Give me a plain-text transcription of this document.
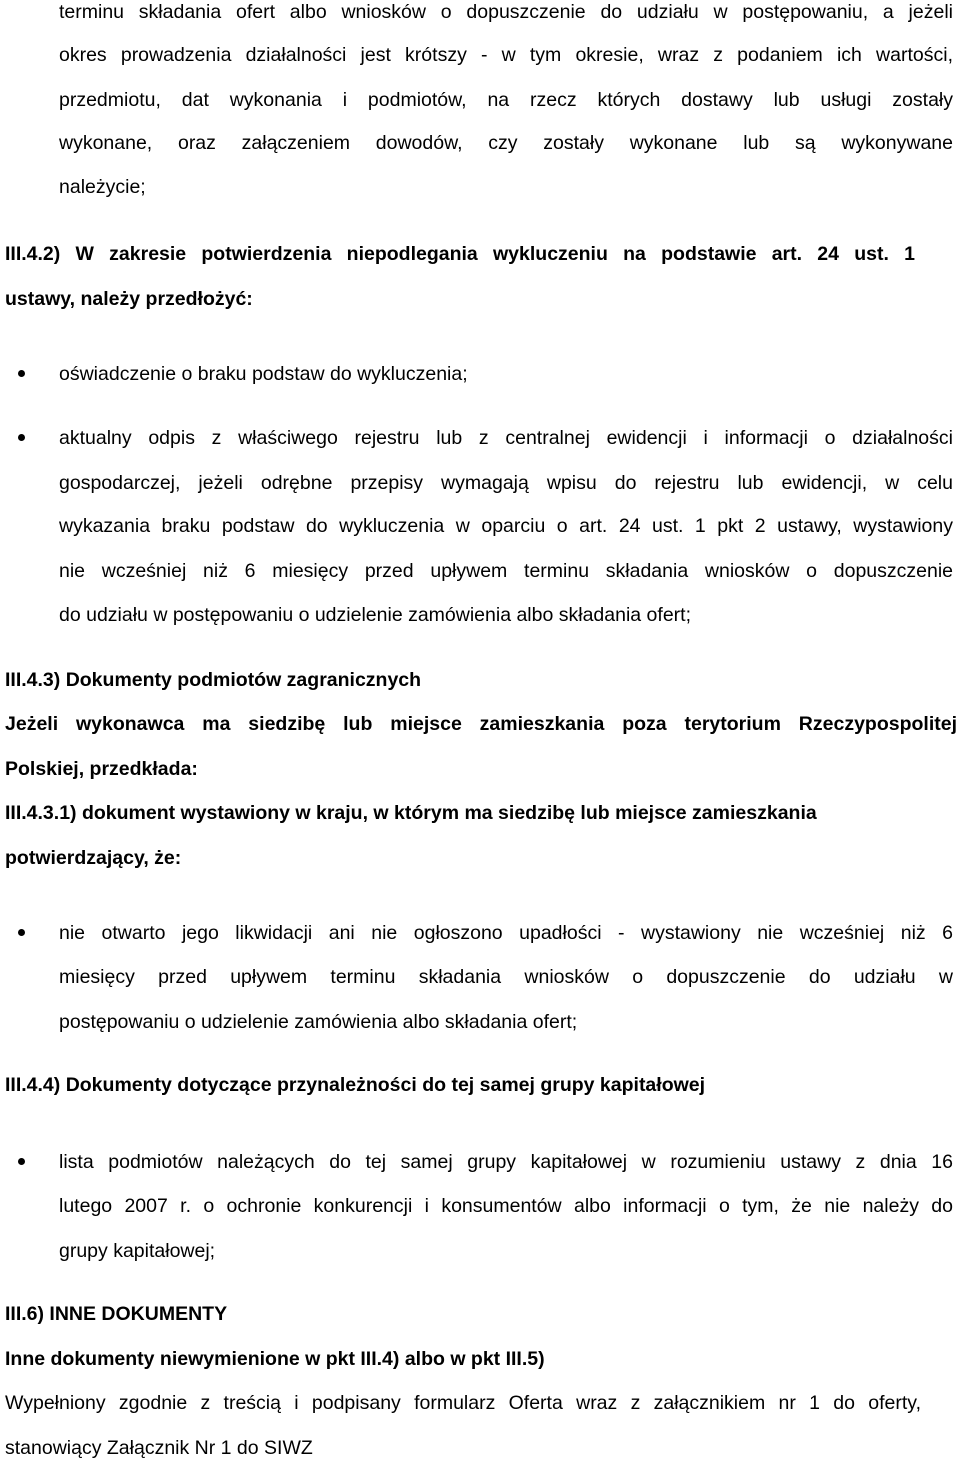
terminu składania ofert albo wniosków o dopuszczenie do udziału w postępowaniu, a jeżeli
okres prowadzenia działalności jest krótszy - w tym okresie, wraz z podaniem ich wartości,
przedmiotu, dat wykonania i podmiotów, na rzecz których dostawy lub usługi zostały
wykonane, oraz załączeniem dowodów, czy zostały wykonane lub są wykonywane
należycie;
III.4.2) W zakresie potwierdzenia niepodlegania wykluczeniu na podstawie art. 24 ust. 1
ustawy, należy przedłożyć:
oświadczenie o braku podstaw do wykluczenia;
aktualny odpis z właściwego rejestru lub z centralnej ewidencji i informacji o działalności
gospodarczej, jeżeli odrębne przepisy wymagają wpisu do rejestru lub ewidencji, w celu
wykazania braku podstaw do wykluczenia w oparciu o art. 24 ust. 1 pkt 2 ustawy, wystawiony
nie wcześniej niż 6 miesięcy przed upływem terminu składania wniosków o dopuszczenie
do udziału w postępowaniu o udzielenie zamówienia albo składania ofert;
III.4.3) Dokumenty podmiotów zagranicznych
Jeżeli wykonawca ma siedzibę lub miejsce zamieszkania poza terytorium Rzeczypospolitej
Polskiej, przedkłada:
III.4.3.1) dokument wystawiony w kraju, w którym ma siedzibę lub miejsce zamieszkania
potwierdzający, że:
nie otwarto jego likwidacji ani nie ogłoszono upadłości - wystawiony nie wcześniej niż 6
miesięcy przed upływem terminu składania wniosków o dopuszczenie do udziału w
postępowaniu o udzielenie zamówienia albo składania ofert;
III.4.4) Dokumenty dotyczące przynależności do tej samej grupy kapitałowej
lista podmiotów należących do tej samej grupy kapitałowej w rozumieniu ustawy z dnia 16
lutego 2007 r. o ochronie konkurencji i konsumentów albo informacji o tym, że nie należy do
grupy kapitałowej;
III.6) INNE DOKUMENTY
Inne dokumenty niewymienione w pkt III.4) albo w pkt III.5)
Wypełniony zgodnie z treścią i podpisany formularz Oferta wraz z załącznikiem nr 1 do oferty,
stanowiący Załącznik Nr 1 do SIWZ
